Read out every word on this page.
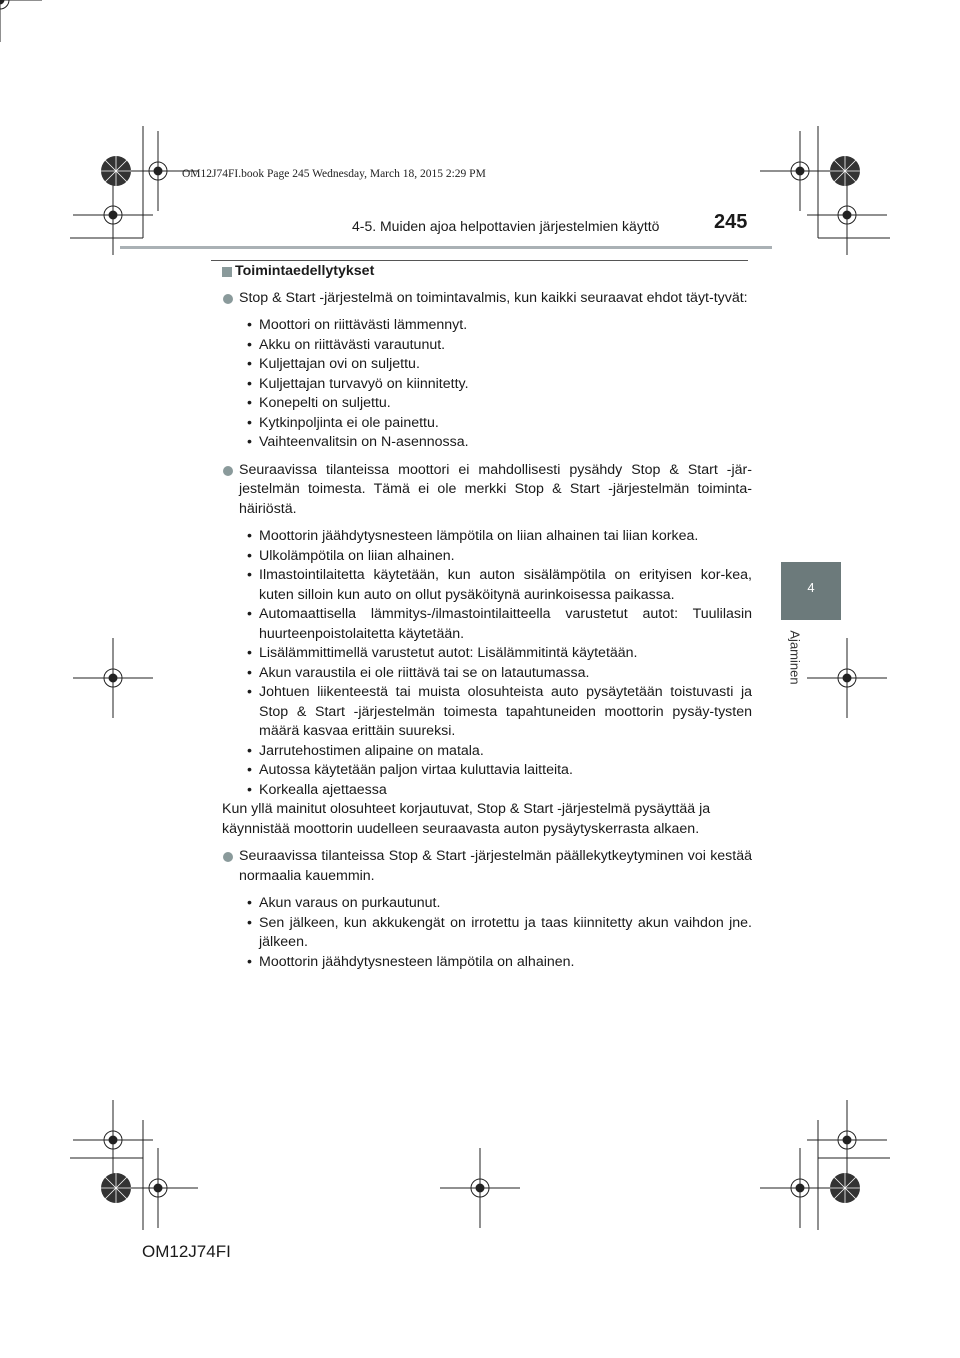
OM12J74FI.book Page 245 Wednesday, March 18, 2015 2:29 PM
4-5. Muiden ajoa helpottavien järjestelmien käyttö	245
4
Ajaminen
Toimintaedellytykset
Stop & Start -järjestelmä on toimintavalmis, kun kaikki seuraavat ehdot täyt-tyvät:
• Moottori on riittävästi lämmennyt.
• Akku on riittävästi varautunut.
• Kuljettajan ovi on suljettu.
• Kuljettajan turvavyö on kiinnitetty.
• Konepelti on suljettu.
• Kytkinpoljinta ei ole painettu.
• Vaihteenvalitsin on N-asennossa.
Seuraavissa tilanteissa moottori ei mahdollisesti pysähdy Stop & Start -jär-jestelmän toimesta. Tämä ei ole merkki Stop & Start -järjestelmän toiminta-häiriöstä.
• Moottorin jäähdytysnesteen lämpötila on liian alhainen tai liian korkea.
• Ulkolämpötila on liian alhainen.
• Ilmastointilaitetta käytetään, kun auton sisälämpötila on erityisen kor-kea, kuten silloin kun auto on ollut pysäköitynä aurinkoisessa paikassa.
• Automaattisella lämmitys-/ilmastointilaitteella varustetut autot: Tuulilasin huurteenpoistolaitetta käytetään.
• Lisälämmittimellä varustetut autot: Lisälämmitintä käytetään.
• Akun varaustila ei ole riittävä tai se on latautumassa.
• Johtuen liikenteestä tai muista olosuhteista auto pysäytetään toistuvasti ja Stop & Start -järjestelmän toimesta tapahtuneiden moottorin pysäy-tysten määrä kasvaa erittäin suureksi.
• Jarrutehostimen alipaine on matala.
• Autossa käytetään paljon virtaa kuluttavia laitteita.
• Korkealla ajettaessa

Kun yllä mainitut olosuhteet korjautuvat, Stop & Start -järjestelmä pysäyttää ja käynnistää moottorin uudelleen seuraavasta auton pysäytyskerrasta alkaen.

Seuraavissa tilanteissa Stop & Start -järjestelmän päällekytkeytyminen voi kestää normaalia kauemmin.
• Akun varaus on purkautunut.
• Sen jälkeen, kun akkukengät on irrotettu ja taas kiinnitetty akun vaihdon jne. jälkeen.
• Moottorin jäähdytysnesteen lämpötila on alhainen.
OM12J74FI
